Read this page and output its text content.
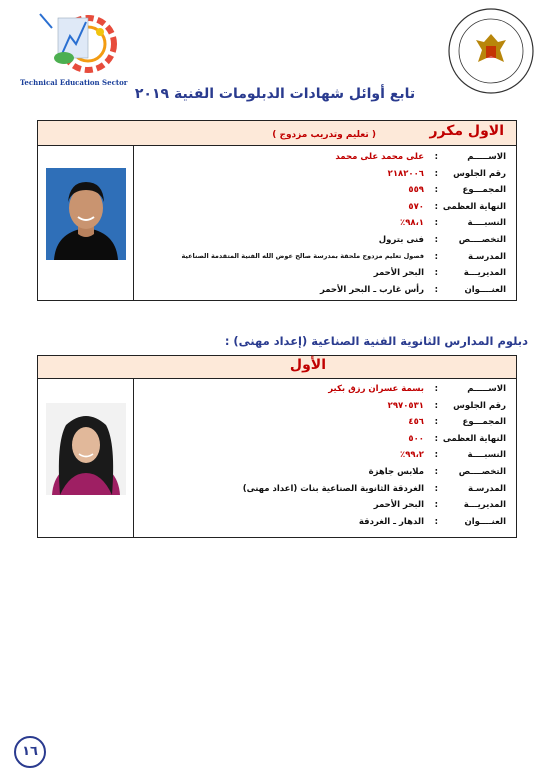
Technical Education Sector
تابع أوائل شهادات الدبلومات الفنية ٢٠١٩
الاول مكرر
( تعليم وتدريب مزدوج )
الاســـــم
:
على محمد على محمد
رقم الجلوس
:
٢١٨٢٠٠٦
المجمـــوع
:
٥٥٩
النهاية العظمى
:
٥٧٠
النسبــــة
:
٩٨،١٪
التخصــــص
:
فنى بترول
المدرسـة
:
فصول تعليم مزدوج ملحقة بمدرسة صالح عوض الله الفنية المتقدمة الصناعية
المديريـــة
:
البحر الأحمر
العنــــوان
:
رأس غارب ـ البحر الأحمر
دبلوم المدارس الثانوية الفنية الصناعية (إعداد مهنى) :
الأول
الاســـــم
:
بسمة عسران رزق بكير
رقم الجلوس
:
٢٩٧٠٥٣١
المجمـــوع
:
٤٥٦
النهاية العظمى
:
٥٠٠
النسبــــة
:
٩٩،٢٪
التخصــــص
:
ملابس جاهزة
المدرسـة
:
الغردقة الثانوية الصناعية بنات (اعداد مهنى)
المديريـــة
:
البحر الأحمر
العنــــوان
:
الدهار ـ الغردقة
١٦
